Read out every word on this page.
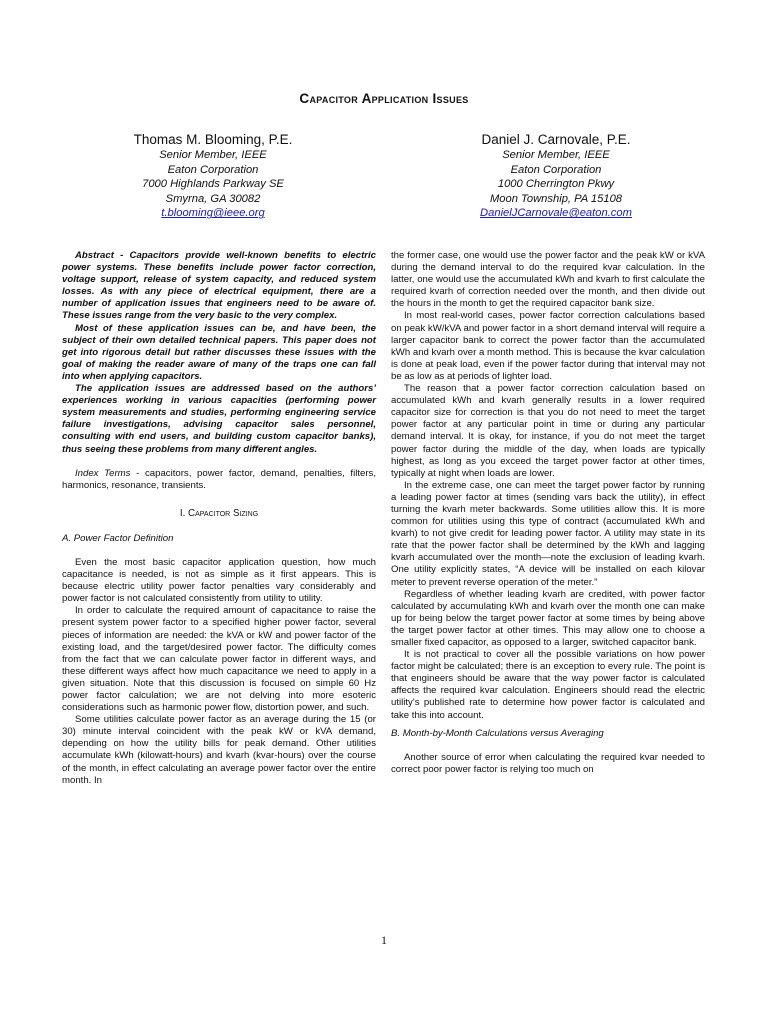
Capacitor Application Issues
Thomas M. Blooming, P.E.
Senior Member, IEEE
Eaton Corporation
7000 Highlands Parkway SE
Smyrna, GA 30082
t.blooming@ieee.org
Daniel J. Carnovale, P.E.
Senior Member, IEEE
Eaton Corporation
1000 Cherrington Pkwy
Moon Township, PA 15108
DanielJCarnovale@eaton.com

Abstract - Capacitors provide well-known benefits to electric power systems. These benefits include power factor correction, voltage support, release of system capacity, and reduced system losses. As with any piece of electrical equipment, there are a number of application issues that engineers need to be aware of. These issues range from the very basic to the very complex.

Most of these application issues can be, and have been, the subject of their own detailed technical papers. This paper does not get into rigorous detail but rather discusses these issues with the goal of making the reader aware of many of the traps one can fall into when applying capacitors.

The application issues are addressed based on the authors’ experiences working in various capacities (performing power system measurements and studies, performing engineering service failure investigations, advising capacitor sales personnel, consulting with end users, and building custom capacitor banks), thus seeing these problems from many different angles.

Index Terms - capacitors, power factor, demand, penalties, filters, harmonics, resonance, transients.

I. Capacitor Sizing

A. Power Factor Definition

Even the most basic capacitor application question, how much capacitance is needed, is not as simple as it first appears. This is because electric utility power factor penalties vary considerably and power factor is not calculated consistently from utility to utility.

In order to calculate the required amount of capacitance to raise the present system power factor to a specified higher power factor, several pieces of information are needed: the kVA or kW and power factor of the existing load, and the target/desired power factor. The difficulty comes from the fact that we can calculate power factor in different ways, and these different ways affect how much capacitance we need to apply in a given situation. Note that this discussion is focused on simple 60 Hz power factor calculation; we are not delving into more esoteric considerations such as harmonic power flow, distortion power, and such.

Some utilities calculate power factor as an average during the 15 (or 30) minute interval coincident with the peak kW or kVA demand, depending on how the utility bills for peak demand. Other utilities accumulate kWh (kilowatt-hours) and kvarh (kvar-hours) over the course of the month, in effect calculating an average power factor over the entire month. In

the former case, one would use the power factor and the peak kW or kVA during the demand interval to do the required kvar calculation. In the latter, one would use the accumulated kWh and kvarh to first calculate the required kvarh of correction needed over the month, and then divide out the hours in the month to get the required capacitor bank size.

In most real-world cases, power factor correction calculations based on peak kW/kVA and power factor in a short demand interval will require a larger capacitor bank to correct the power factor than the accumulated kWh and kvarh over a month method. This is because the kvar calculation is done at peak load, even if the power factor during that interval may not be as low as at periods of lighter load.

The reason that a power factor correction calculation based on accumulated kWh and kvarh generally results in a lower required capacitor size for correction is that you do not need to meet the target power factor at any particular point in time or during any particular demand interval. It is okay, for instance, if you do not meet the target power factor during the middle of the day, when loads are typically highest, as long as you exceed the target power factor at other times, typically at night when loads are lower.

In the extreme case, one can meet the target power factor by running a leading power factor at times (sending vars back the utility), in effect turning the kvarh meter backwards. Some utilities allow this. It is more common for utilities using this type of contract (accumulated kWh and kvarh) to not give credit for leading power factor. A utility may state in its rate that the power factor shall be determined by the kWh and lagging kvarh accumulated over the month—note the exclusion of leading kvarh. One utility explicitly states, “A device will be installed on each kilovar meter to prevent reverse operation of the meter.”

Regardless of whether leading kvarh are credited, with power factor calculated by accumulating kWh and kvarh over the month one can make up for being below the target power factor at some times by being above the target power factor at other times. This may allow one to choose a smaller fixed capacitor, as opposed to a larger, switched capacitor bank.

It is not practical to cover all the possible variations on how power factor might be calculated; there is an exception to every rule. The point is that engineers should be aware that the way power factor is calculated affects the required kvar calculation. Engineers should read the electric utility's published rate to determine how power factor is calculated and take this into account.

B. Month-by-Month Calculations versus Averaging

Another source of error when calculating the required kvar needed to correct poor power factor is relying too much on

1
